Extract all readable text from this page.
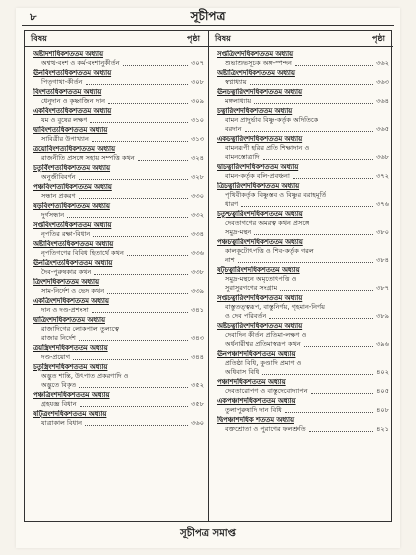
৮	সূচীপত্র
বিষয়	পৃষ্ঠা
অষ্টাদশাধিকশততম অধ্যায়
অশ্বত্থ-বংশ ও কর্ম-বংশানুকীর্তন	৩০৭
ঊনবিংশত্যধিকশততম অধ্যায়
পিতৃগাথা-কীর্তন	৩০৮
বিংশত্যধিকশততম অধ্যায়
ধেনুদান ও কৃষ্ণাজিন দান	৩০৯
একবিংশত্যধিকশততম অধ্যায়
যম ও বুষের লক্ষণ	৩১০
দ্বাবিংশত্যধিকশততম অধ্যায়
সাবিত্রীর উপাখ্যান	৩১৩
ত্রয়োবিংশত্যধিকশততম অধ্যায়
রাজনীতি প্রসঙ্গে সহায় সম্পত্তি কথন	৩২৪
চতুর্বিংশত্যধিকশততম অধ্যায়
অনুজীবিবর্ণন	৩২৮
পঞ্চবিংশত্যধিকশততম অধ্যায়
সন্ধান প্রকরণ	৩৩০
ষড়বিংশত্যধিকশততম অধ্যায়
দুর্গসন্ধান	৩৩২
সপ্তবিংশত্যধিকশততম অধ্যায়
নৃপতির রক্ষা-বিধান	৩৩৪
অষ্টাবিংশত্যধিকশততম অধ্যায়
নৃপতিগণের বিবিধ হিতার্থে কথন	৩৩৬
ঊনত্রিংশত্যধিকশততম অধ্যায়
দৈব-পুরুষকার কথন	৩৩৮
ত্রিংশদধিকশততম অধ্যায়
সাম-নির্দেশ ও ভেদ কথন	৩৩৯
একত্রিংশদধিকশততম অধ্যায়
দান ও দণ্ড-প্রশংসা	৩৪১
দ্বাত্রিংশদধিকশততম অধ্যায়
রাজাদিগের লোকপাল তুল্যত্বে
রাজার নির্দেশ	৩৪৩
ত্রয়স্ত্রিংশদধিকশততম অধ্যায়
দণ্ড-প্রয়োগ	৩৪৪
চতুস্ত্রিংশদধিকশততম অধ্যায়
অদ্ভুত শান্তি, উৎপাত প্রকরণাদি ও
অদ্ভুতে বিকৃত	৩৫২
পঞ্চত্রিংশদধিকশততম অধ্যায়
গ্রহযজ্ঞ বিধান	৩৫৮
ষট্ত্রিংশদধিকশততম অধ্যায়
যাত্রাকাল বিধান	৩৬০
বিষয়	পৃষ্ঠা
সপ্তত্রিংশদধিকশততম অধ্যায়
শুভাশুভসূচক অঙ্গ-স্পন্দন	৩৬২
অষ্টাত্রিংশদধিকশততম অধ্যায়
স্বপ্নাধ্যায়	৩৬৩
ঊনচত্বারিংশদধিকশততম অধ্যায়
মঙ্গলাধ্যায়	৩৬৪
চত্বারিংশদধিকশততম অধ্যায়
বামন প্রাদুর্ভাব বিষ্ণু-কর্তৃক অদিতিকে
বরদান	৩৬৫
একচত্বারিংশদধিকশততম অধ্যায়
বামনরূপী হরির প্রতি শিক্ষাদান ও
বামনস্তোত্রাদি	৩৬৮
দ্বাচত্বারিংশদধিকশততম অধ্যায়
বামন-কর্তৃক বলি-প্রবঞ্চনা	৩৭২
ত্রিচত্বারিংশদধিকশততম অধ্যায়
পৃথিবীকর্তৃক বিষ্ণুস্তব ও বিষ্ণুর বরাহমূর্তি
ধারণ	৩৭৬
চতুশ্চত্বারিংশদধিকশততম অধ্যায়
দেবতাগণের অমরত্ব কথন প্রসঙ্গে
সমুদ্র-মন্থন	৩৮০
পঞ্চচত্বারিংশদধিকশততম অধ্যায়
কালকূটোৎপত্তি ও শিব-কর্তৃক গরল
নাশ	৩৮৪
ষট্চত্বারিংশদধিকশততম অধ্যায়
সমুদ্র-মন্থনে অমৃতোৎপত্তি ও
সুরাসুরগণের সংগ্রাম	৩৮৭
সপ্তচত্বারিংশদধিকশততম অধ্যায়
বাস্তুতত্ত্বরূপ, বাস্তুনির্ণয়, গৃহমান-নির্ণয়
ও দেব পরিবর্তন	৩৮৯
অষ্টচত্বারিংশদধিকশততম অধ্যায়
দেবাদিন কীর্তন প্রতিমা-লক্ষণ ও
অর্ধনারীশ্বর প্রতিমাস্বরূপ কথন	৩৯৬
ঊনপঞ্চাশদধিকশততম অধ্যায়
প্রতিষ্ঠা বিধি, কুণ্ডাদি প্রমাণ ও
অধিবাস বিধি	৪০২
পঞ্চাশদধিকশততম অধ্যায়
দেবতারোপণ ও বাস্তুদেবোদ্যাপন	৪০৫
একপঞ্চাশদধিকশততম অধ্যায়
তুলাপুরুষাদি দান বিধি	৪০৮
দ্বিপঞ্চাশদধিক শততম অধ্যায়
বক্তশ্রোতা ও পুরাণের ফলশ্রুতি	৪২১
সূচীপত্র সমাপ্ত
